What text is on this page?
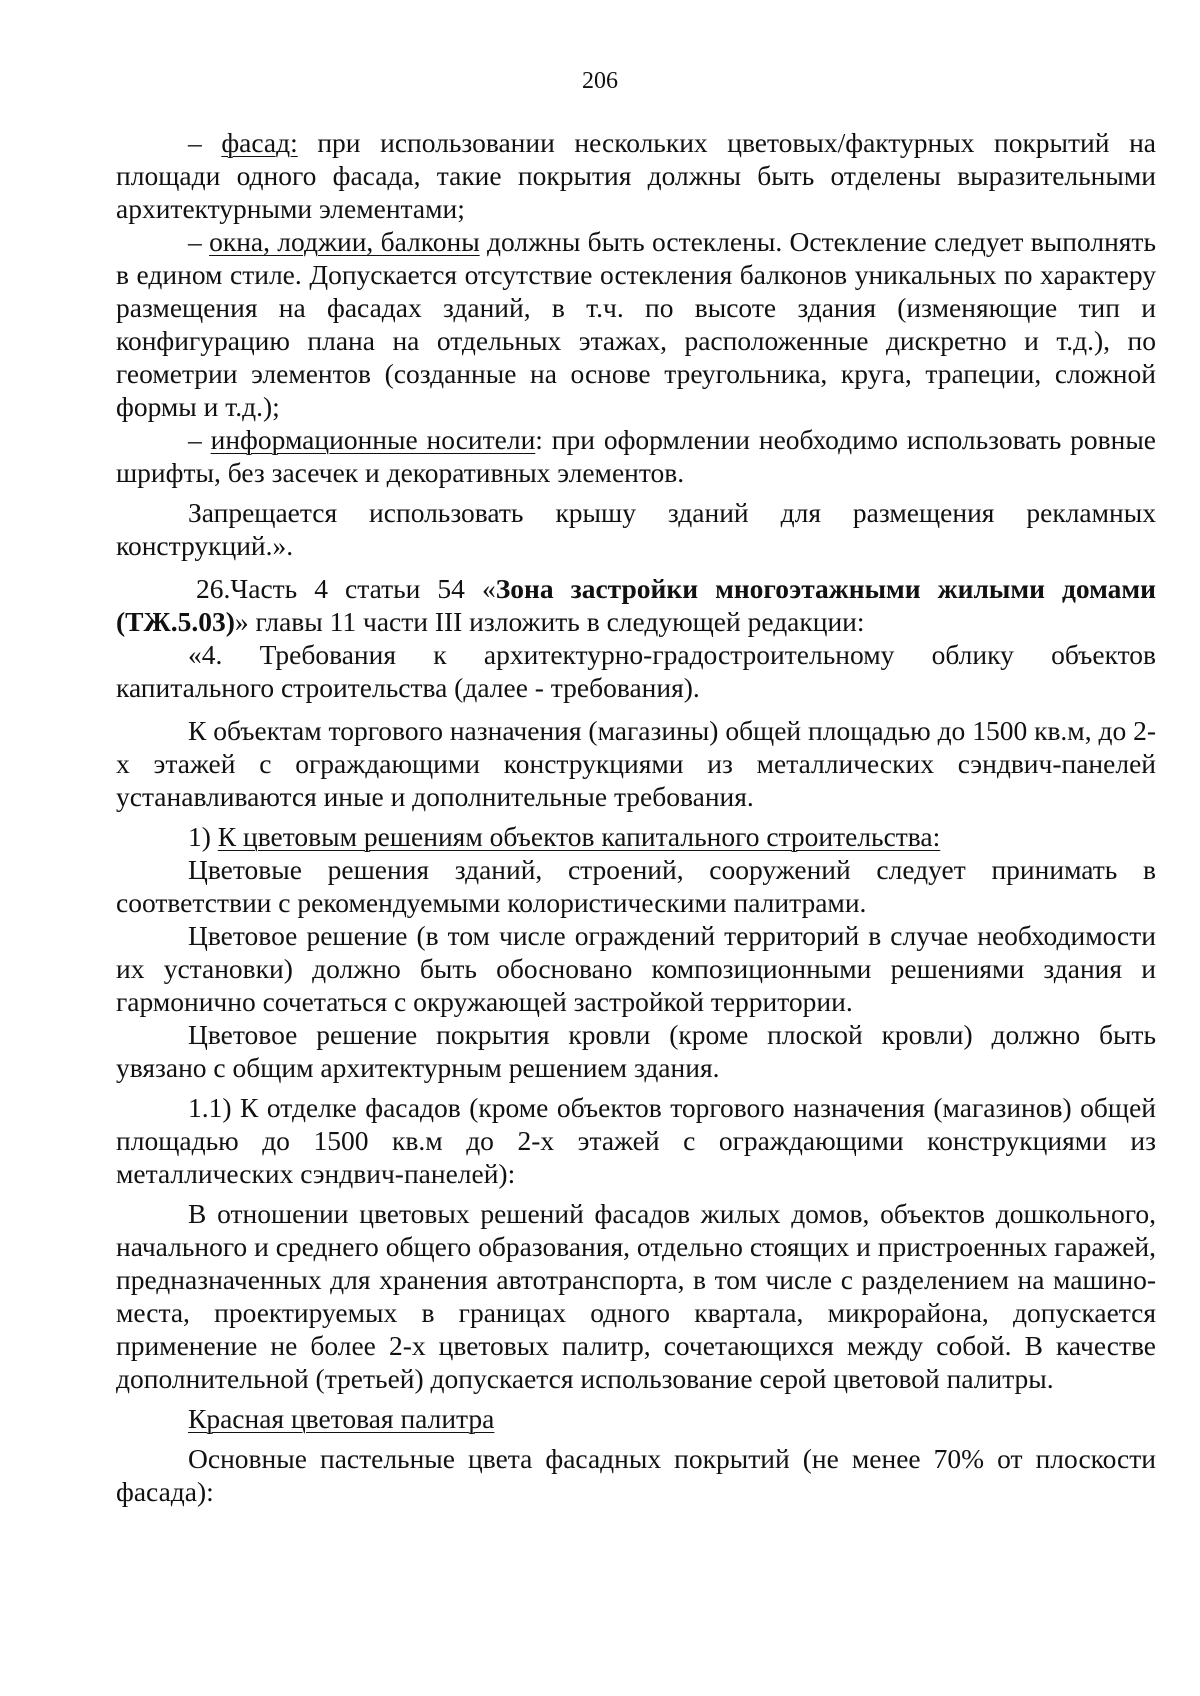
206

– фасад: при использовании нескольких цветовых/фактурных покрытий на площади одного фасада, такие покрытия должны быть отделены выразительными архитектурными элементами;

– окна, лоджии, балконы должны быть остеклены. Остекление следует выполнять в едином стиле. Допускается отсутствие остекления балконов уникальных по характеру размещения на фасадах зданий, в т.ч. по высоте здания (изменяющие тип и конфигурацию плана на отдельных этажах, расположенные дискретно и т.д.), по геометрии элементов (созданные на основе треугольника, круга, трапеции, сложной формы и т.д.);

– информационные носители: при оформлении необходимо использовать ровные шрифты, без засечек и декоративных элементов.

Запрещается использовать крышу зданий для размещения рекламных конструкций.».

26.Часть 4 статьи 54 «Зона застройки многоэтажными жилыми домами (ТЖ.5.03)» главы 11 части III изложить в следующей редакции:

«4. Требования к архитектурно-градостроительному облику объектов капитального строительства (далее - требования).

К объектам торгового назначения (магазины) общей площадью до 1500 кв.м, до 2-х этажей с ограждающими конструкциями из металлических сэндвич-панелей устанавливаются иные и дополнительные требования.

1) К цветовым решениям объектов капитального строительства:

Цветовые решения зданий, строений, сооружений следует принимать в соответствии с рекомендуемыми колористическими палитрами.

Цветовое решение (в том числе ограждений территорий в случае необходимости их установки) должно быть обосновано композиционными решениями здания и гармонично сочетаться с окружающей застройкой территории.

Цветовое решение покрытия кровли (кроме плоской кровли) должно быть увязано с общим архитектурным решением здания.

1.1) К отделке фасадов (кроме объектов торгового назначения (магазинов) общей площадью до 1500 кв.м до 2-х этажей с ограждающими конструкциями из металлических сэндвич-панелей):

В отношении цветовых решений фасадов жилых домов, объектов дошкольного, начального и среднего общего образования, отдельно стоящих и пристроенных гаражей, предназначенных для хранения автотранспорта, в том числе с разделением на машино-места, проектируемых в границах одного квартала, микрорайона, допускается применение не более 2-х цветовых палитр, сочетающихся между собой. В качестве дополнительной (третьей) допускается использование серой цветовой палитры.

Красная цветовая палитра

Основные пастельные цвета фасадных покрытий (не менее 70% от плоскости фасада):
